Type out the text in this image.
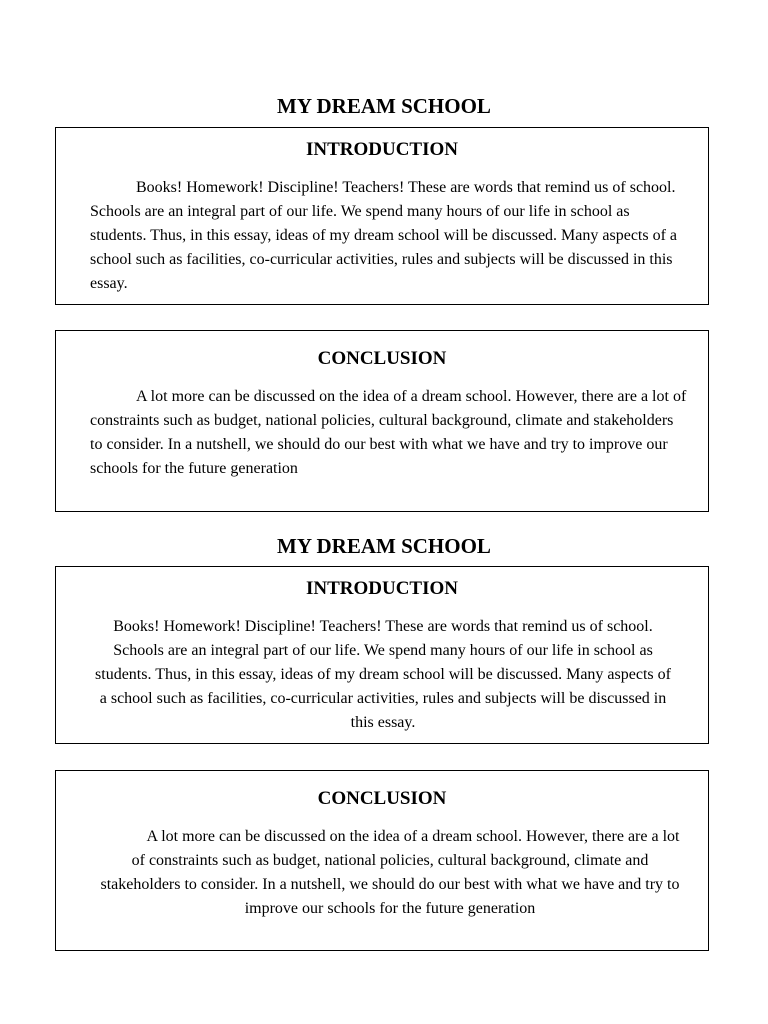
MY DREAM SCHOOL
INTRODUCTION

Books! Homework! Discipline! Teachers! These are words that remind us of school. Schools are an integral part of our life. We spend many hours of our life in school as students. Thus, in this essay, ideas of my dream school will be discussed. Many aspects of a school such as facilities, co-curricular activities, rules and subjects will be discussed in this essay.

CONCLUSION

A lot more can be discussed on the idea of a dream school. However, there are a lot of constraints such as budget, national policies, cultural background, climate and stakeholders to consider. In a nutshell, we should do our best with what we have and try to improve our schools for the future generation

MY DREAM SCHOOL
INTRODUCTION

Books! Homework! Discipline! Teachers! These are words that remind us of school. Schools are an integral part of our life. We spend many hours of our life in school as students. Thus, in this essay, ideas of my dream school will be discussed. Many aspects of a school such as facilities, co-curricular activities, rules and subjects will be discussed in this essay.

CONCLUSION

A lot more can be discussed on the idea of a dream school. However, there are a lot of constraints such as budget, national policies, cultural background, climate and stakeholders to consider. In a nutshell, we should do our best with what we have and try to improve our schools for the future generation
